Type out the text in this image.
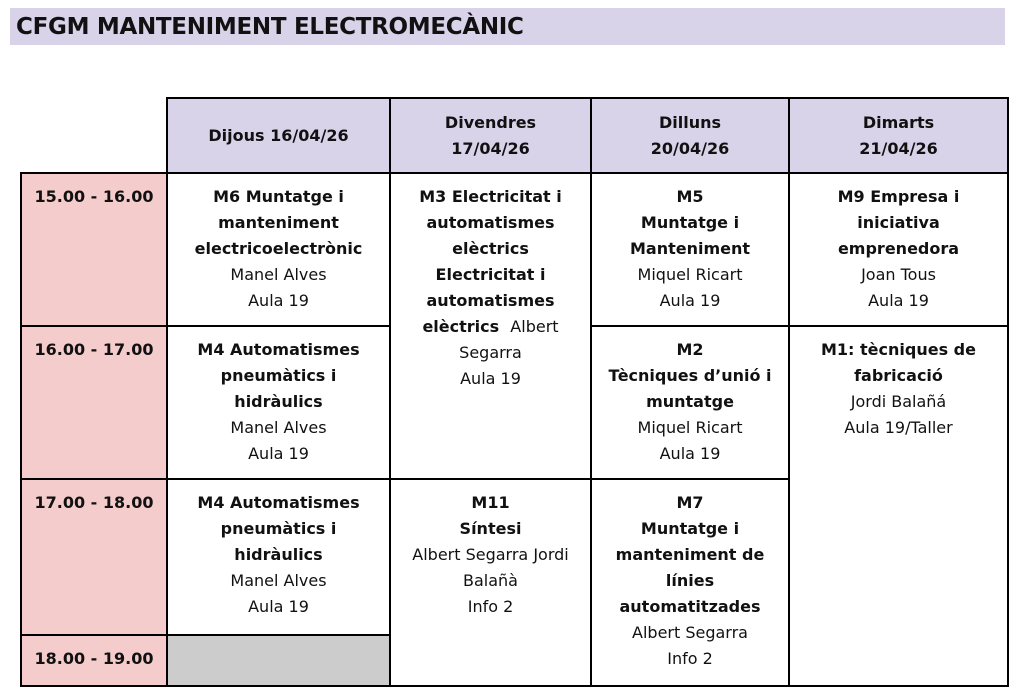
CFGM MANTENIMENT ELECTROMECÀNIC
Dijous 16/04/26
Divendres
17/04/26
Dilluns
20/04/26
Dimarts
21/04/26
15.00 - 16.00
16.00 - 17.00
17.00 - 18.00
18.00 - 19.00
M6 Muntatge i
manteniment
electricoelectrònic
Manel Alves
Aula 19
M4 Automatismes
pneumàtics i
hidràulics
Manel Alves
Aula 19
M4 Automatismes
pneumàtics i
hidràulics
Manel Alves
Aula 19
M3 Electricitat i
automatismes
elèctrics
Electricitat i
automatismes
elèctrics Albert
Segarra
Aula 19
M11
Síntesi
Albert Segarra Jordi
Balañà
Info 2
M5
Muntatge i
Manteniment
Miquel Ricart
Aula 19
M2
Tècniques d’unió i
muntatge
Miquel Ricart
Aula 19
M7
Muntatge i
manteniment de
línies
automatitzades
Albert Segarra
Info 2
M9 Empresa i
iniciativa
emprenedora
Joan Tous
Aula 19
M1: tècniques de
fabricació
Jordi Balañá
Aula 19/Taller
